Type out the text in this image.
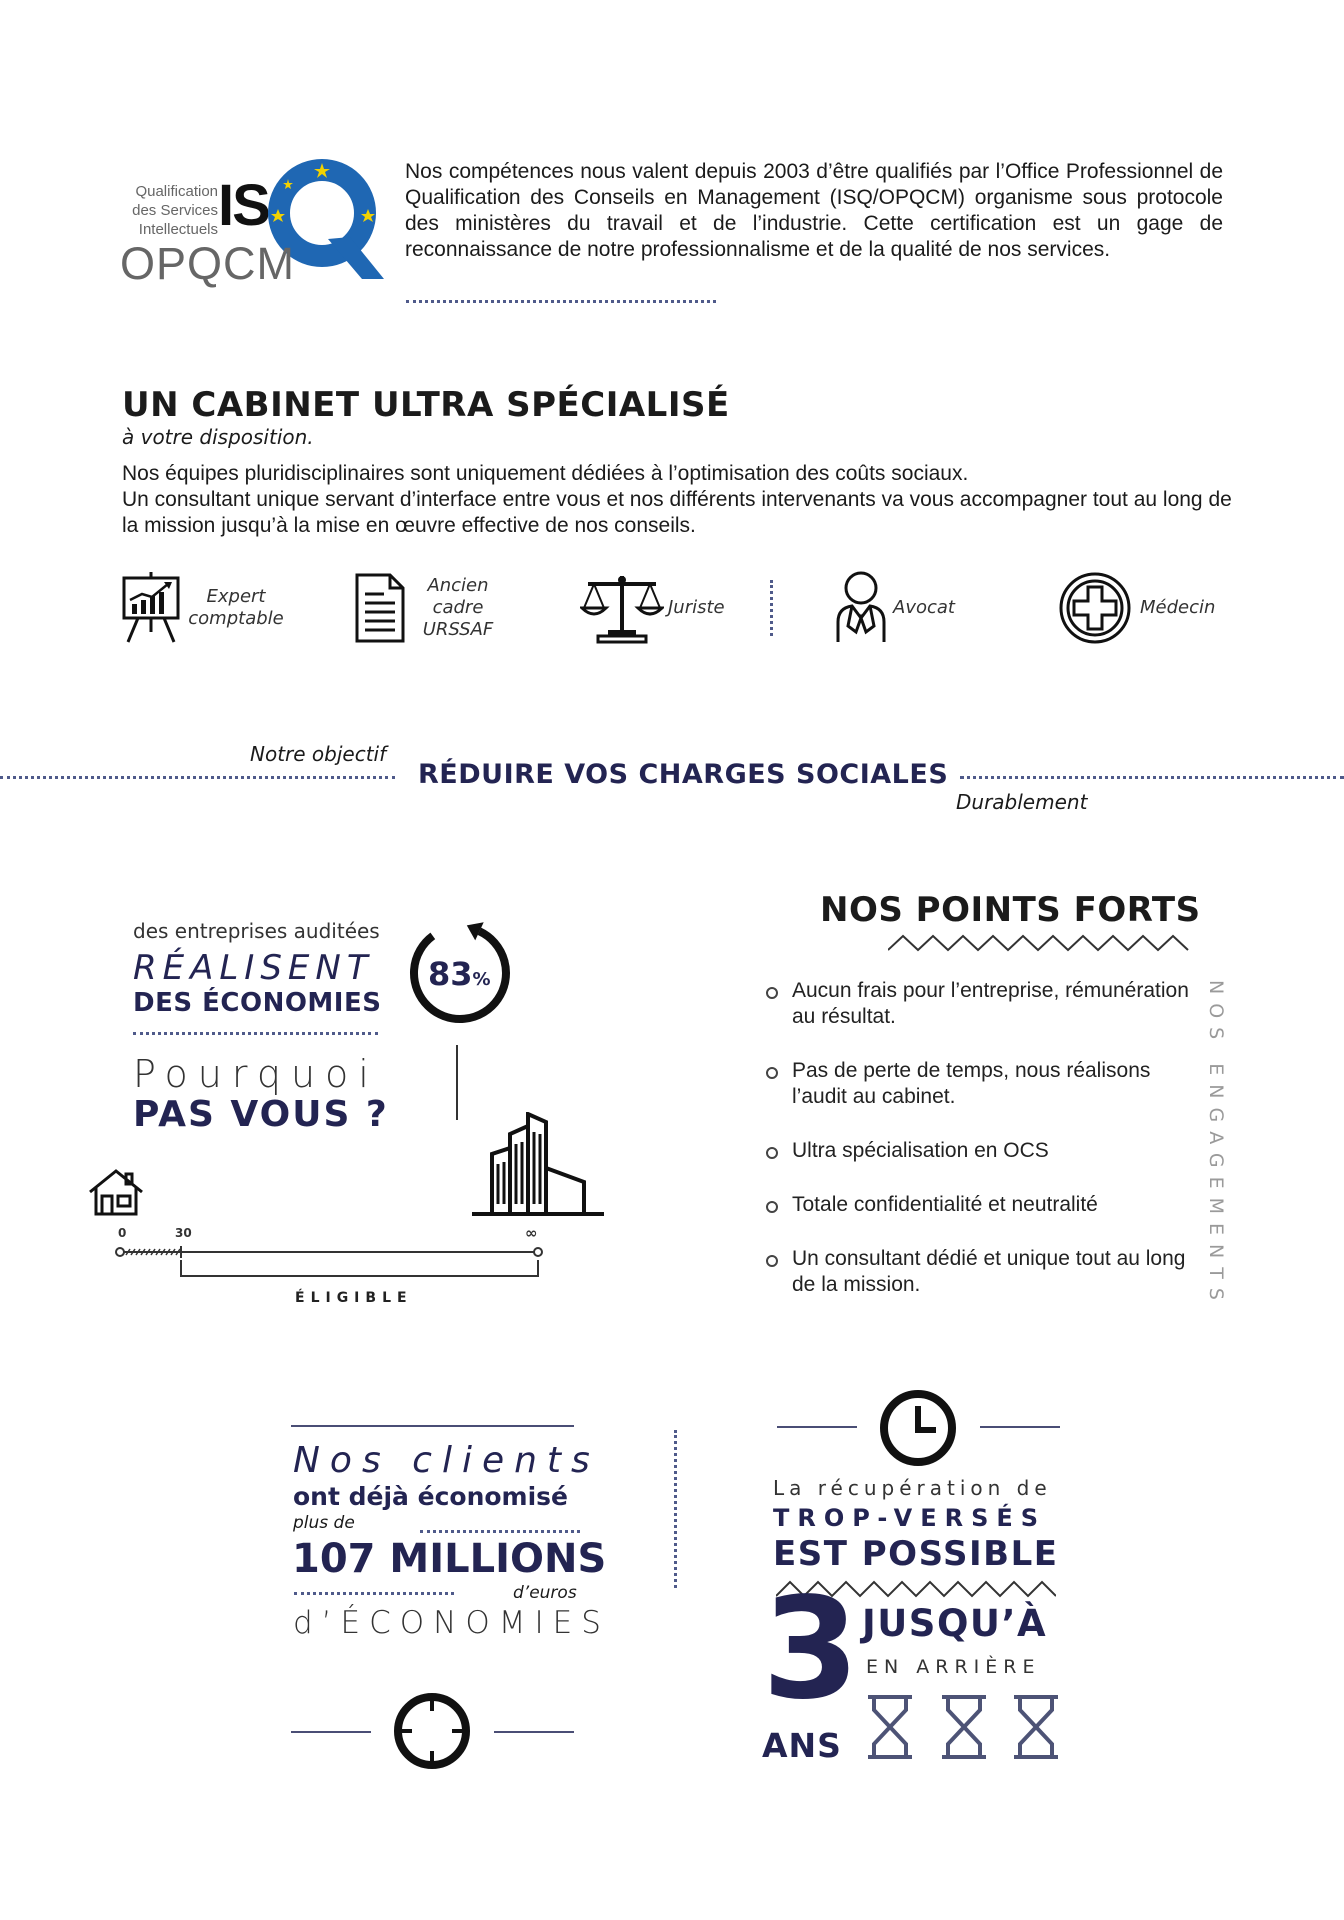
Qualification
des Services
Intellectuels IS
OPQCM
Nos compétences nous valent depuis 2003 d’être qualifiés par l’Office Professionnel de Qualification des Conseils en Management (ISQ/OPQCM) organisme sous protocole des ministères du travail et de l’industrie. Cette certification est un gage de reconnaissance de notre professionnalisme et de la qualité de nos services.
UN CABINET ULTRA SPÉCIALISÉ
à votre disposition.
Nos équipes pluridisciplinaires sont uniquement dédiées à l’optimisation des coûts sociaux.
Un consultant unique servant d’interface entre vous et nos différents intervenants va vous accompagner tout au long de la mission jusqu’à la mise en œuvre effective de nos conseils.
Expert
comptable
Ancien
cadre
URSSAF
Juriste	Avocat	Médecin
Notre objectif
RÉDUIRE VOS CHARGES SOCIALES
Durablement
des entreprises auditées
RÉALISENT
DES ÉCONOMIES
83%
Pourquoi
PAS VOUS ?
0	30	∞
ÉLIGIBLE
NOS POINTS FORTS
Aucun frais pour l’entreprise, rémunération au résultat.
Pas de perte de temps, nous réalisons l’audit au cabinet.
Ultra spécialisation en OCS
Totale confidentialité et neutralité
Un consultant dédié et unique tout au long de la mission.	NOS ENGAGEMENTS
Nos clients
ont déjà économisé
plus de
107 MILLIONS
d’euros
d’ÉCONOMIES
La récupération de
TROP-VERSÉS
EST POSSIBLE
3
ANS
JUSQU’À
EN ARRIÈRE
